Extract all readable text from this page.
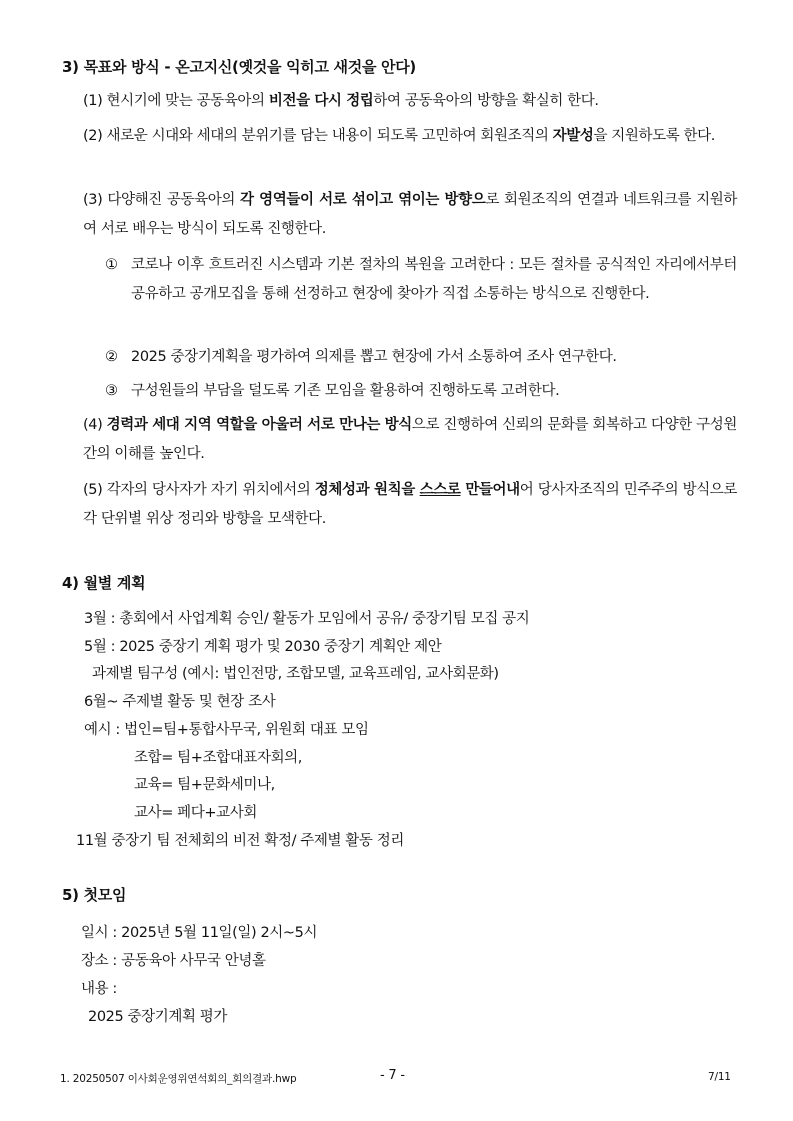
3) 목표와 방식 - 온고지신(옛것을 익히고 새것을 안다)
(1) 현시기에 맞는 공동육아의 비전을 다시 정립하여 공동육아의 방향을 확실히 한다.
(2) 새로운 시대와 세대의 분위기를 담는 내용이 되도록 고민하여 회원조직의 자발성을 지원하도록 한다.
(3) 다양해진 공동육아의 각 영역들이 서로 섞이고 엮이는 방향으로 회원조직의 연결과 네트워크를 지원하여 서로 배우는 방식이 되도록 진행한다.
① 코로나 이후 흐트러진 시스템과 기본 절차의 복원을 고려한다 : 모든 절차를 공식적인 자리에서부터 공유하고 공개모집을 통해 선정하고 현장에 찾아가 직접 소통하는 방식으로 진행한다.
② 2025 중장기계획을 평가하여 의제를 뽑고 현장에 가서 소통하여 조사 연구한다.
③ 구성원들의 부담을 덜도록 기존 모임을 활용하여 진행하도록 고려한다.
(4) 경력과 세대 지역 역할을 아울러 서로 만나는 방식으로 진행하여 신뢰의 문화를 회복하고 다양한 구성원 간의 이해를 높인다.
(5) 각자의 당사자가 자기 위치에서의 정체성과 원칙을 스스로 만들어내어 당사자조직의 민주주의 방식으로 각 단위별 위상 정리와 방향을 모색한다.
4) 월별 계획
3월 : 총회에서 사업계획 승인/ 활동가 모임에서 공유/ 중장기팀 모집 공지
5월 : 2025 중장기 계획 평가 및 2030 중장기 계획안 제안
과제별 팀구성 (예시: 법인전망, 조합모델, 교육프레임, 교사회문화)
6월~ 주제별 활동 및 현장 조사
예시 : 법인=팀+통합사무국, 위원회 대표 모임
조합= 팀+조합대표자회의,
교육= 팀+문화세미나,
교사= 페다+교사회
11월 중장기 팀 전체회의 비전 확정/ 주제별 활동 정리
5) 첫모임
일시 : 2025년 5월 11일(일) 2시~5시
장소 : 공동육아 사무국 안녕홀
내용 :
2025 중장기계획 평가
1. 20250507 이사회운영위연석회의_회의결과.hwp	- 7 -	7/11
